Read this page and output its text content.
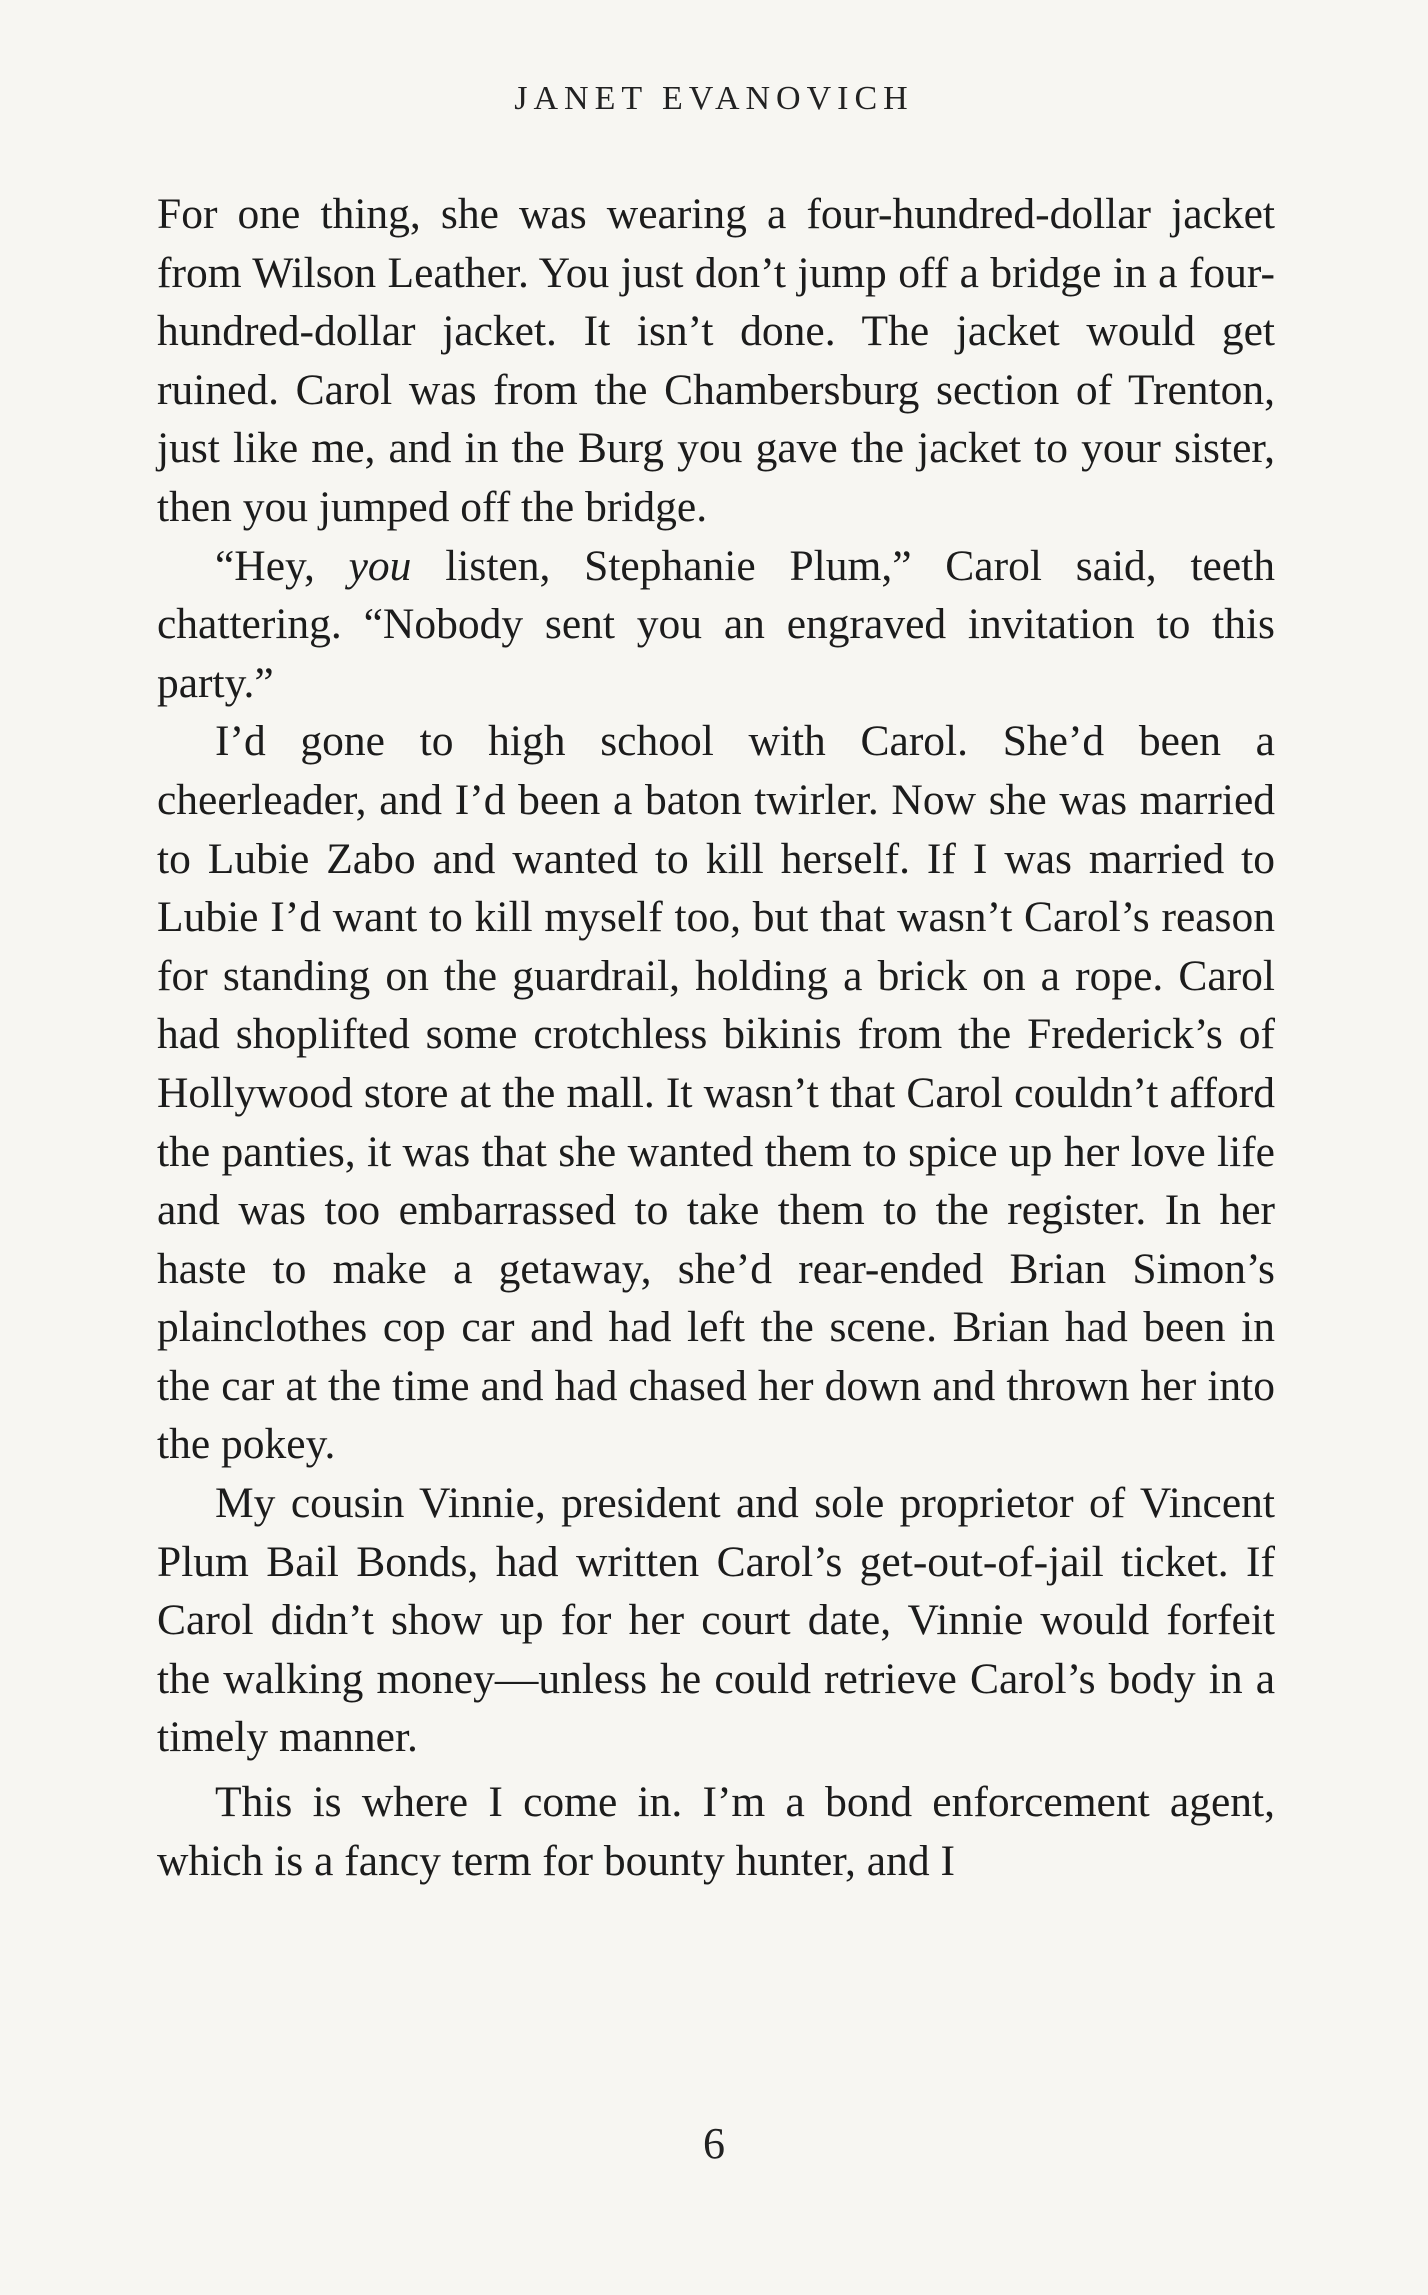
JANET EVANOVICH

For one thing, she was wearing a four-hundred-dollar jacket from Wilson Leather. You just don’t jump off a bridge in a four-hundred-dollar jacket. It isn’t done. The jacket would get ruined. Carol was from the Chambersburg section of Trenton, just like me, and in the Burg you gave the jacket to your sister, then you jumped off the bridge.

“Hey, you listen, Stephanie Plum,” Carol said, teeth chattering. “Nobody sent you an engraved invitation to this party.”

I’d gone to high school with Carol. She’d been a cheerleader, and I’d been a baton twirler. Now she was married to Lubie Zabo and wanted to kill herself. If I was married to Lubie I’d want to kill myself too, but that wasn’t Carol’s reason for standing on the guardrail, holding a brick on a rope. Carol had shoplifted some crotchless bikinis from the Frederick’s of Hollywood store at the mall. It wasn’t that Carol couldn’t afford the panties, it was that she wanted them to spice up her love life and was too embarrassed to take them to the register. In her haste to make a getaway, she’d rear-ended Brian Simon’s plainclothes cop car and had left the scene. Brian had been in the car at the time and had chased her down and thrown her into the pokey.

My cousin Vinnie, president and sole proprietor of Vincent Plum Bail Bonds, had written Carol’s get-out-of-jail ticket. If Carol didn’t show up for her court date, Vinnie would forfeit the walking money—unless he could retrieve Carol’s body in a timely manner.

This is where I come in. I’m a bond enforcement agent, which is a fancy term for bounty hunter, and I

6
